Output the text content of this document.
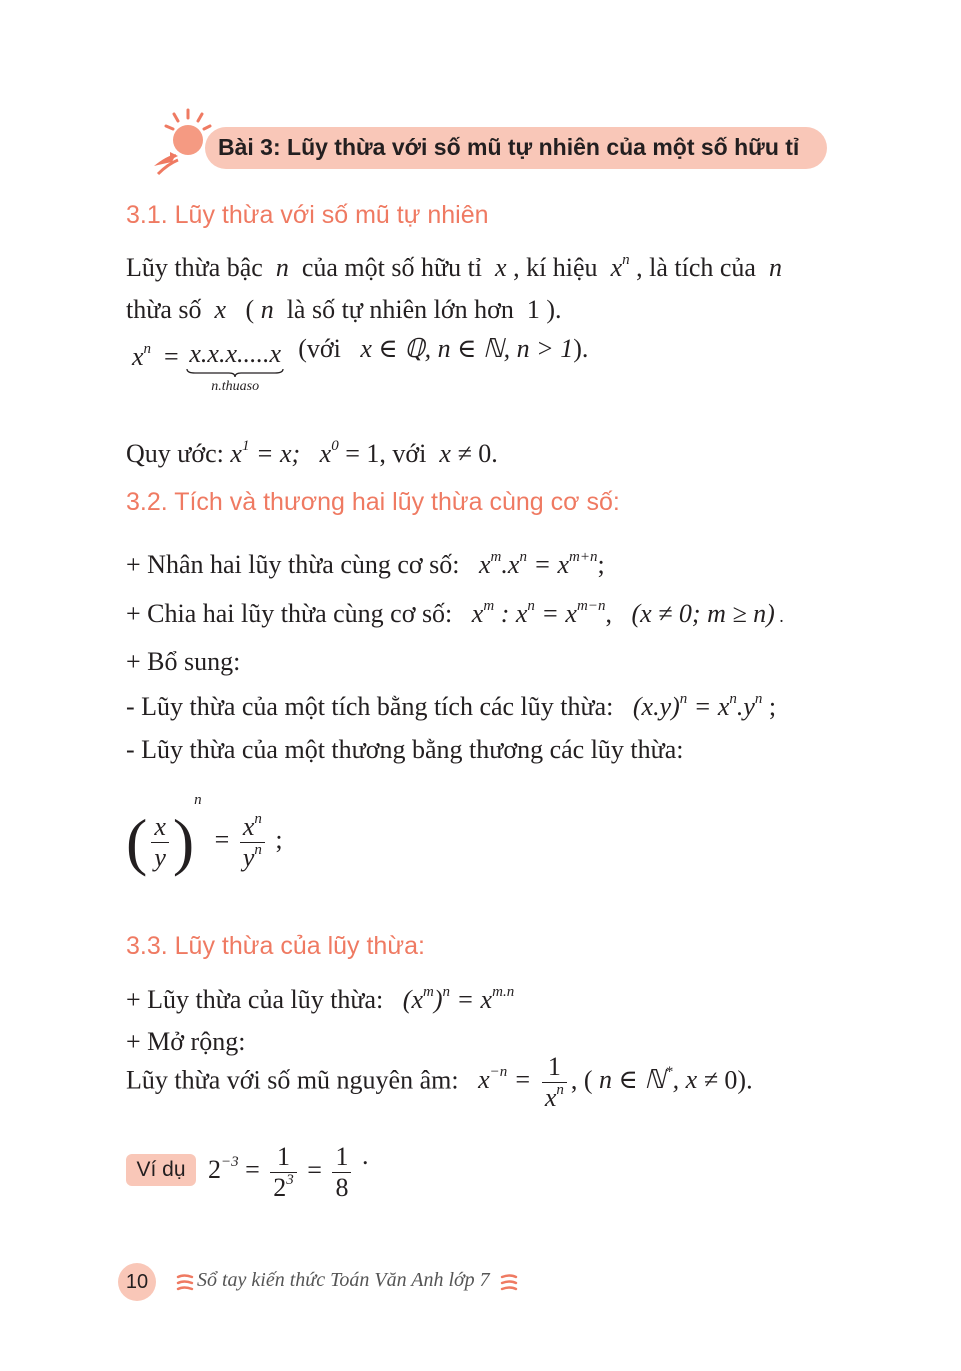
Bài 3: Lũy thừa với số mũ tự nhiên của một số hữu tỉ
3.1. Lũy thừa với số mũ tự nhiên
Lũy thừa bậc  n  của một số hữu tỉ  x , kí hiệu  $x^n$ , là tích của  n
thừa số  x   ( n  là số tự nhiên lớn hơn  1 ).
$x^n = x.x.x.....x$
n.thuaso
(với x ∈ ℚ, n ∈ ℕ, n > 1).
Quy ước: $x^1 = x$;   $x^0 = 1$, với  x ≠ 0.
3.2. Tích và thương hai lũy thừa cùng cơ số:
+ Nhân hai lũy thừa cùng cơ số:   $x^m.x^n = x^{m+n}$;
+ Chia hai lũy thừa cùng cơ số:   $x^m$ : $x^n = x^{m-n}$,   (x ≠ 0; m ≥ n) .
+ Bổ sung:
- Lũy thừa của một tích bằng tích các lũy thừa:   $(x.y)^n = x^n.y^n$ ;
- Lũy thừa của một thương bằng thương các lũy thừa:
( $\frac{x}{y} )^n = \frac{x^n}{y^n}$ ;
3.3. Lũy thừa của lũy thừa:
+ Lũy thừa của lũy thừa:   $(x^m)^n = x^{m.n}$
+ Mở rộng:
Lũy thừa với số mũ nguyên âm:   $x^{-n} = \frac{1}{x^n}$ , ( n ∈ ℕ*, x ≠ 0).
Ví dụ $2^{-3} = \frac{1}{2^3} = \frac{1}{8}$ .
10	Sổ tay kiến thức Toán Văn Anh lớp 7
